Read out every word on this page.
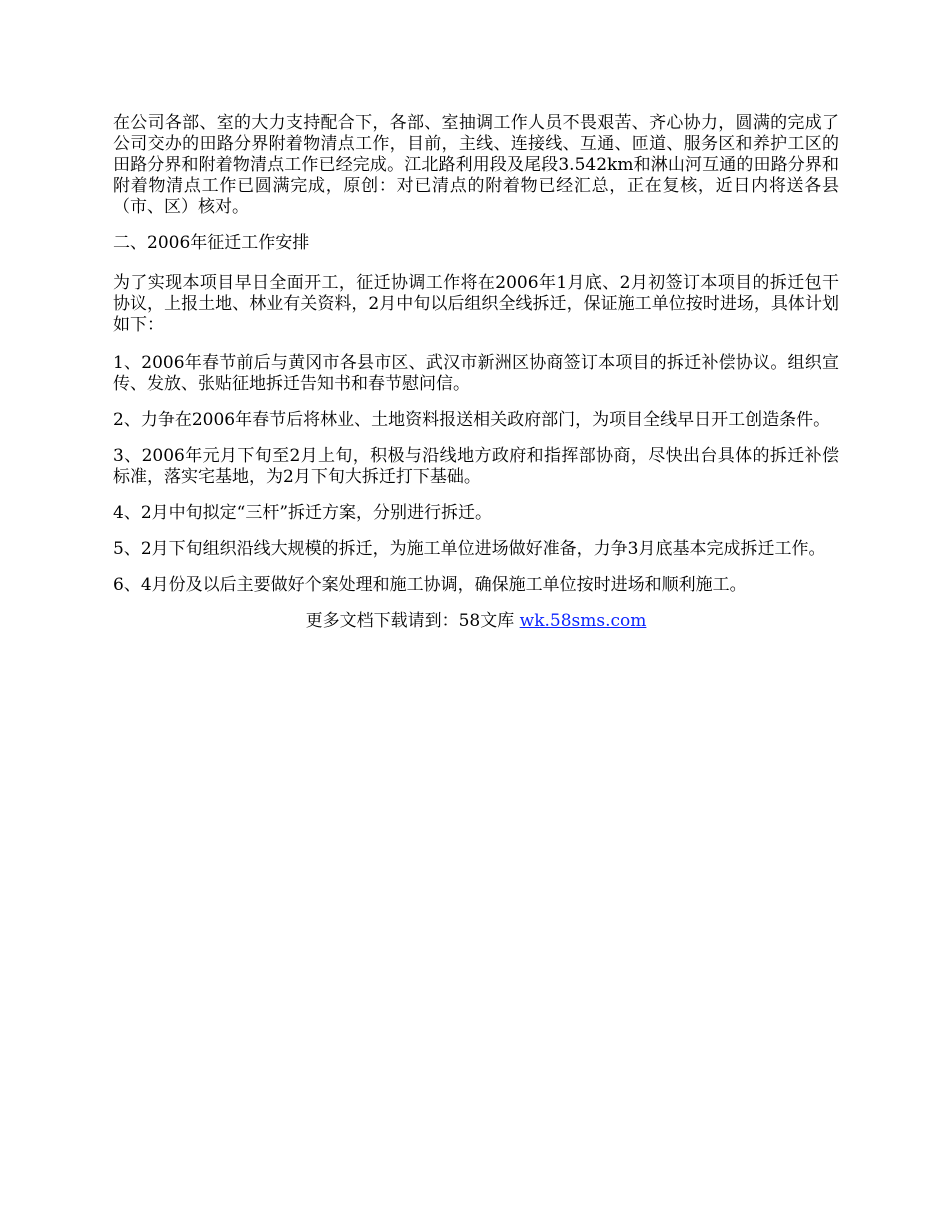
在公司各部、室的大力支持配合下，各部、室抽调工作人员不畏艰苦、齐心协力，圆满的完成了公司交办的田路分界附着物清点工作，目前，主线、连接线、互通、匝道、服务区和养护工区的田路分界和附着物清点工作已经完成。江北路利用段及尾段3.542km和淋山河互通的田路分界和附着物清点工作已圆满完成，原创：对已清点的附着物已经汇总，正在复核，近日内将送各县（市、区）核对。

二、2006年征迁工作安排

为了实现本项目早日全面开工，征迁协调工作将在2006年1月底、2月初签订本项目的拆迁包干协议，上报土地、林业有关资料，2月中旬以后组织全线拆迁，保证施工单位按时进场，具体计划如下：

1、2006年春节前后与黄冈市各县市区、武汉市新洲区协商签订本项目的拆迁补偿协议。组织宣传、发放、张贴征地拆迁告知书和春节慰问信。

2、力争在2006年春节后将林业、土地资料报送相关政府部门，为项目全线早日开工创造条件。

3、2006年元月下旬至2月上旬，积极与沿线地方政府和指挥部协商，尽快出台具体的拆迁补偿标准，落实宅基地，为2月下旬大拆迁打下基础。

4、2月中旬拟定“三杆”拆迁方案，分别进行拆迁。

5、2月下旬组织沿线大规模的拆迁，为施工单位进场做好准备，力争3月底基本完成拆迁工作。

6、4月份及以后主要做好个案处理和施工协调，确保施工单位按时进场和顺利施工。

更多文档下载请到：58文库 wk.58sms.com
